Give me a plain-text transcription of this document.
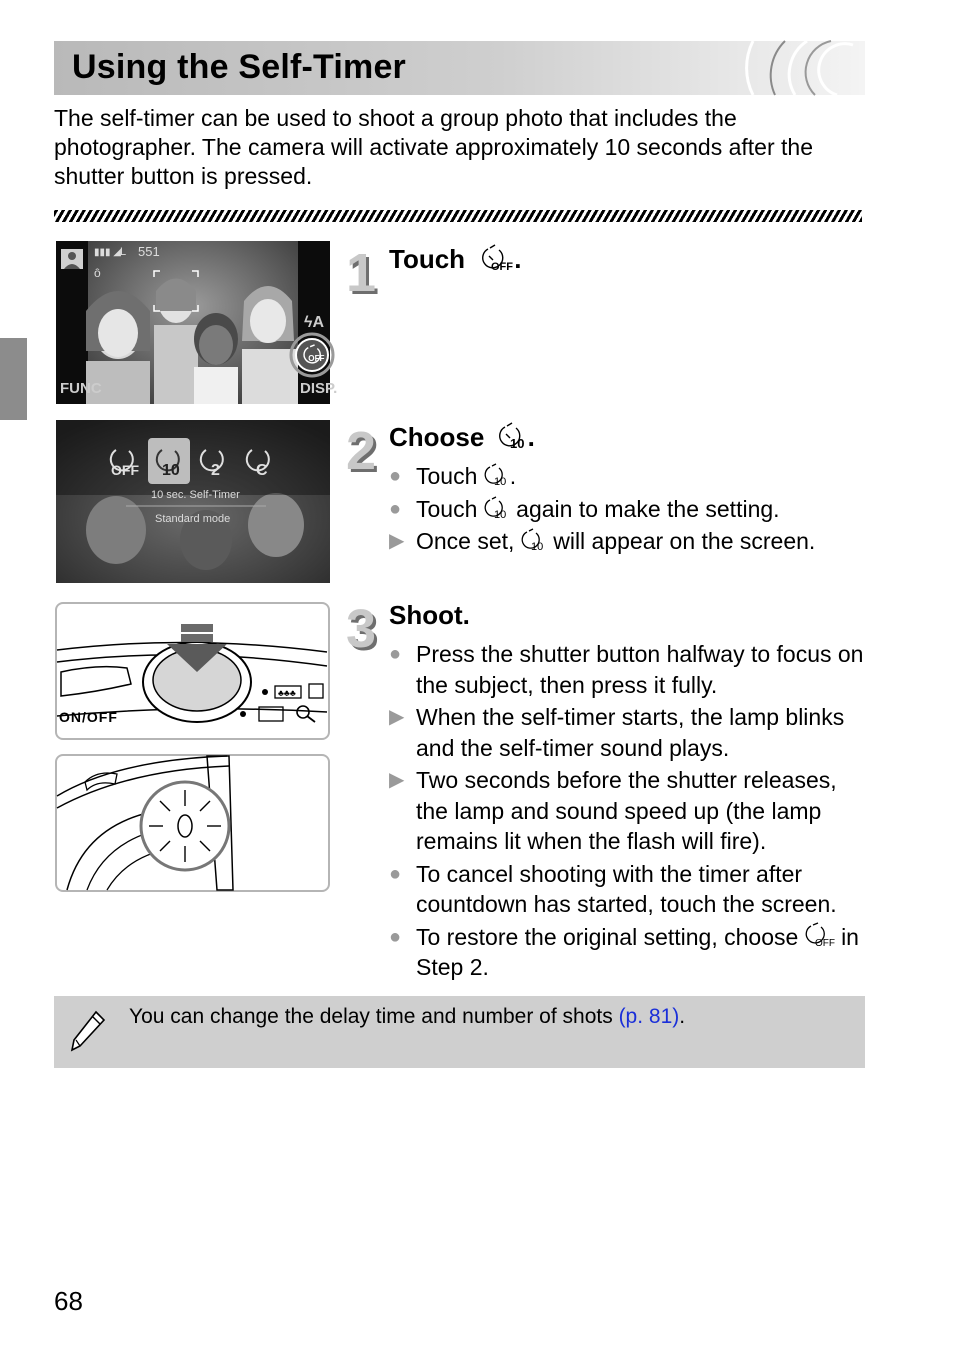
Using the Self-Timer
The self-timer can be used to shoot a group photo that includes the photographer. The camera will activate approximately 10 seconds after the shutter button is pressed.
▮▮▮ ◢ L 551
ô
FUNC	DISP.
ϟA
OFF
1 Touch OFF .
OFF 10 2 C
10 sec. Self-Timer
Standard mode
2 Choose 10 .
● Touch 10 .
● Touch 10 again to make the setting.
▶ Once set, 10 will appear on the screen.
♣♣♣
ON/OFF
3 Shoot.
● Press the shutter button halfway to focus on the subject, then press it fully.
▶ When the self-timer starts, the lamp blinks and the self-timer sound plays.
▶ Two seconds before the shutter releases, the lamp and sound speed up (the lamp remains lit when the flash will fire).
● To cancel shooting with the timer after countdown has started, touch the screen.
● To restore the original setting, choose OFF in Step 2.
You can change the delay time and number of shots (p. 81).
68
